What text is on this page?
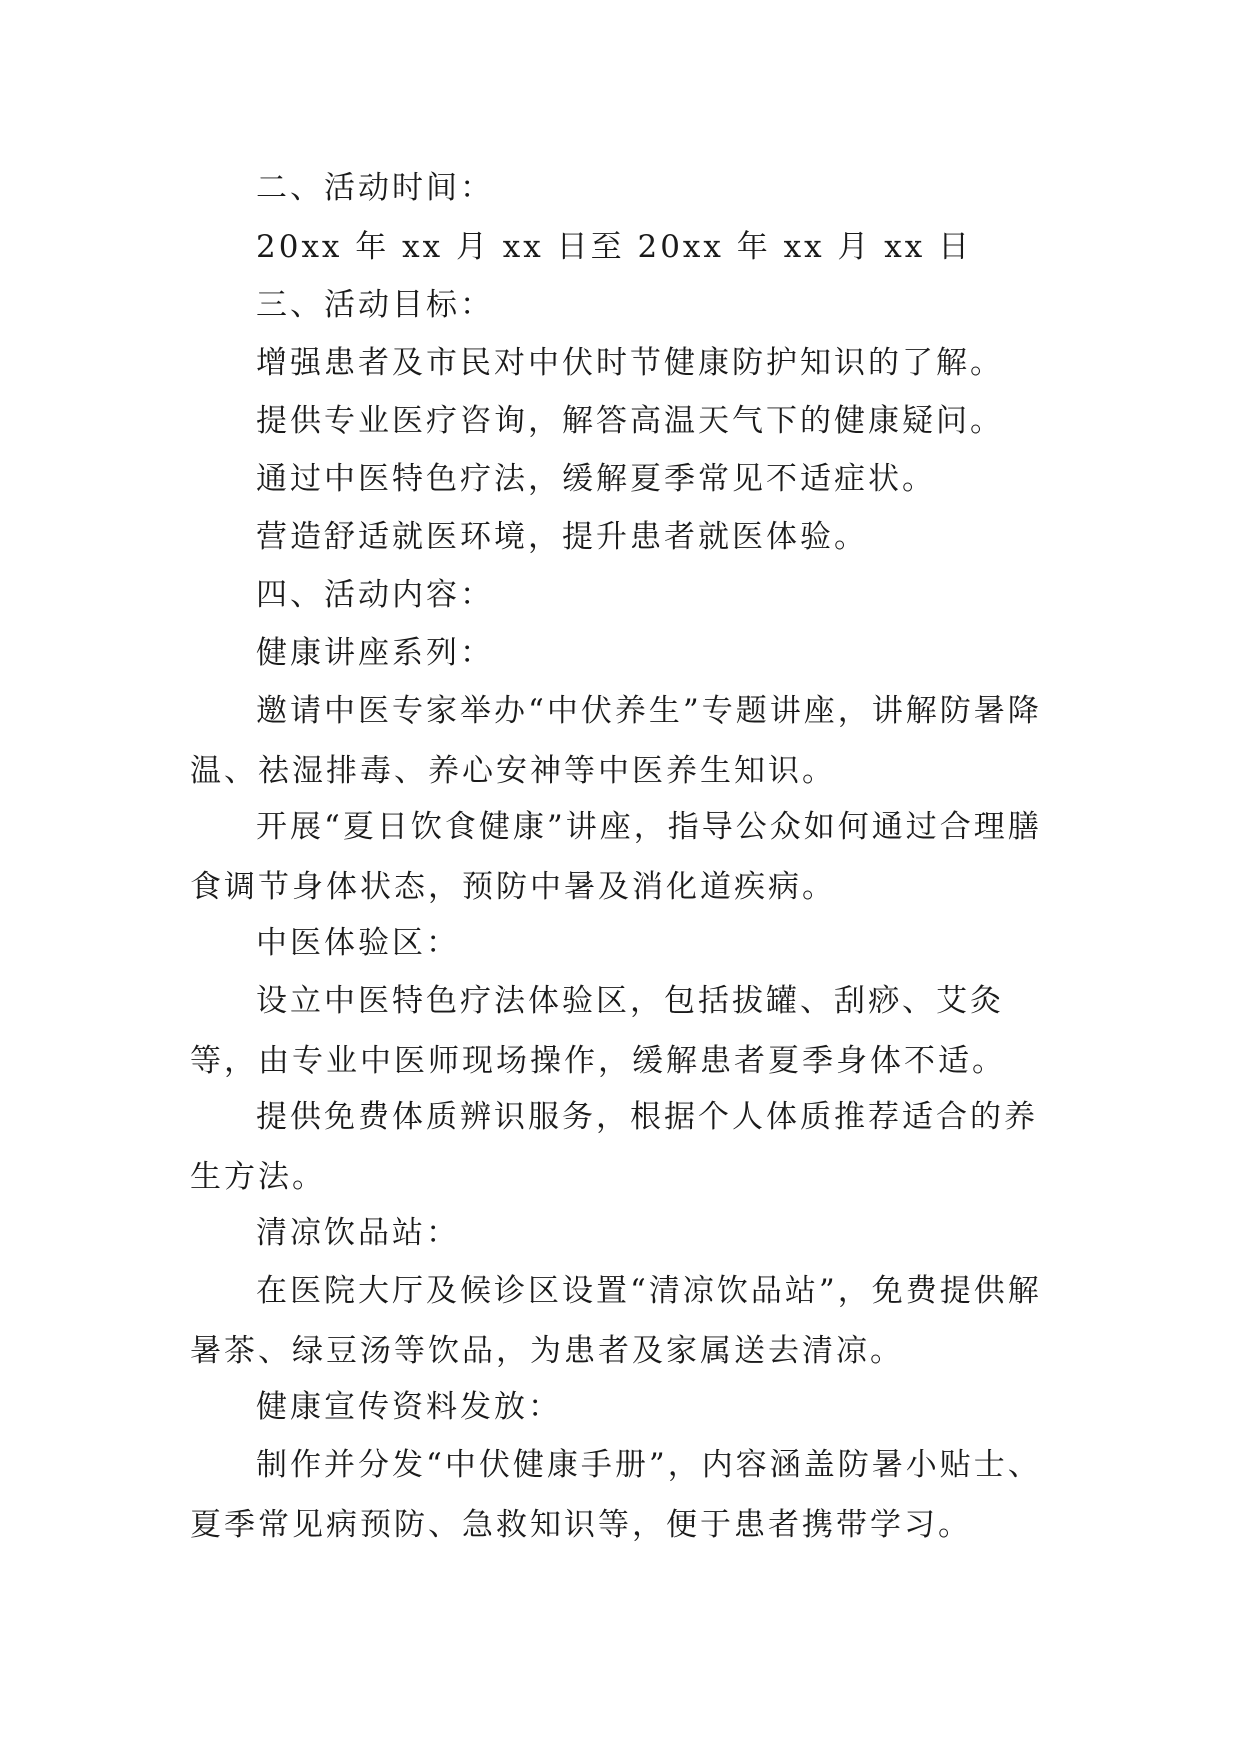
二、活动时间：

20xx 年 xx 月 xx 日至 20xx 年 xx 月 xx 日

三、活动目标：

增强患者及市民对中伏时节健康防护知识的了解。

提供专业医疗咨询，解答高温天气下的健康疑问。

通过中医特色疗法，缓解夏季常见不适症状。

营造舒适就医环境，提升患者就医体验。

四、活动内容：

健康讲座系列：

邀请中医专家举办“中伏养生”专题讲座，讲解防暑降温、祛湿排毒、养心安神等中医养生知识。

开展“夏日饮食健康”讲座，指导公众如何通过合理膳食调节身体状态，预防中暑及消化道疾病。

中医体验区：

设立中医特色疗法体验区，包括拔罐、刮痧、艾灸等，由专业中医师现场操作，缓解患者夏季身体不适。

提供免费体质辨识服务，根据个人体质推荐适合的养生方法。

清凉饮品站：

在医院大厅及候诊区设置“清凉饮品站”，免费提供解暑茶、绿豆汤等饮品，为患者及家属送去清凉。

健康宣传资料发放：

制作并分发“中伏健康手册”，内容涵盖防暑小贴士、夏季常见病预防、急救知识等，便于患者携带学习。
